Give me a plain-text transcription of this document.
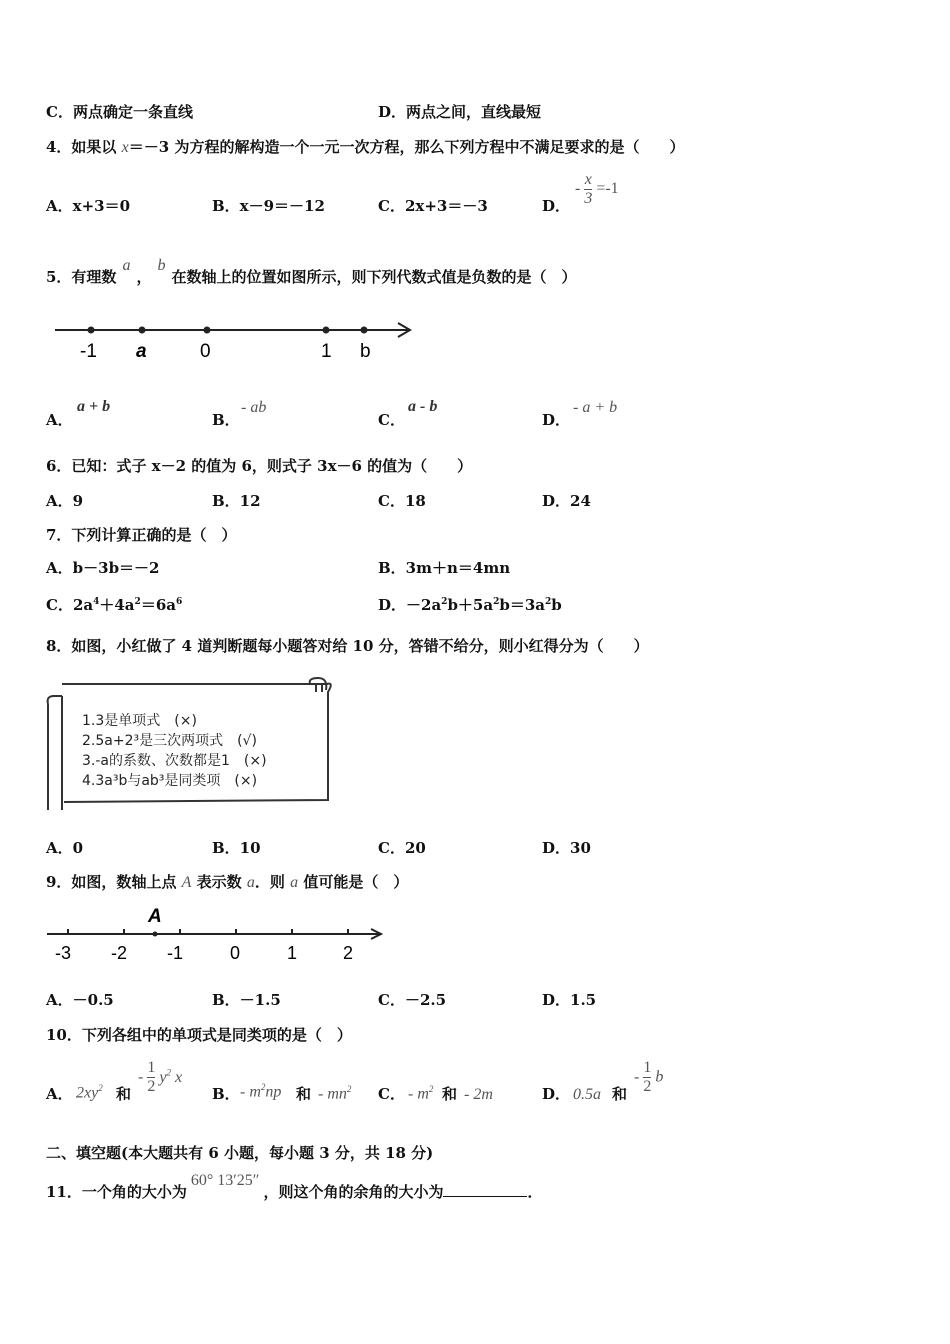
C．两点确定一条直线	D．两点之间，直线最短
4．如果以 x＝－3 为方程的解构造一个一元一次方程，那么下列方程中不满足要求的是（　　）
A．x+3＝0	B．x－9＝－12	C．2x+3＝－3	D．
- $\frac{x}{3} =-1$
5．有理数a，b在数轴上的位置如图所示，则下列代数式值是负数的是（　）
-1 a	0	1 b
A．
a + b
B．
- ab
C．
a - b
D．
- a + b
6．已知：式子 x－2 的值为 6，则式子 3x－6 的值为（　　）
A．9	B．12	C．18	D．24
7．下列计算正确的是（　）
A．b－3b＝－2	B．3m＋n＝4mn
C．$2a^4+4a^2=6a^6$	D．$-2a^2b+5a^2b=3a^2b$
8．如图，小红做了 4 道判断题每小题答对给 10 分，答错不给分，则小红得分为（　　）
1.3是单项式　(×)
2.5a+2³是三次两项式　(√)
3.-a的系数、次数都是1　(×)
4.3a³b与ab³是同类项　(×)
A．0	B．10	C．20	D．30
9．如图，数轴上点 A 表示数 a．则 a 值可能是（　）
A
-3 -2 -1	0	1	2
A．－0.5	B．－1.5	C．－2.5	D．1.5
10．下列各组中的单项式是同类项的是（　）
A． $2xy^2$ 和
- $\frac{1}{2} y^2$ x
B． - $m^2np$ 和 - $mn^2$ C． - $m^2$ 和 - 2m	D． 0.5a 和
- $\frac{1}{2}$ b
二、填空题(本大题共有 6 小题，每小题 3 分，共 18 分)
11．一个角的大小为60° 13′25″，则这个角的余角的大小为	．
